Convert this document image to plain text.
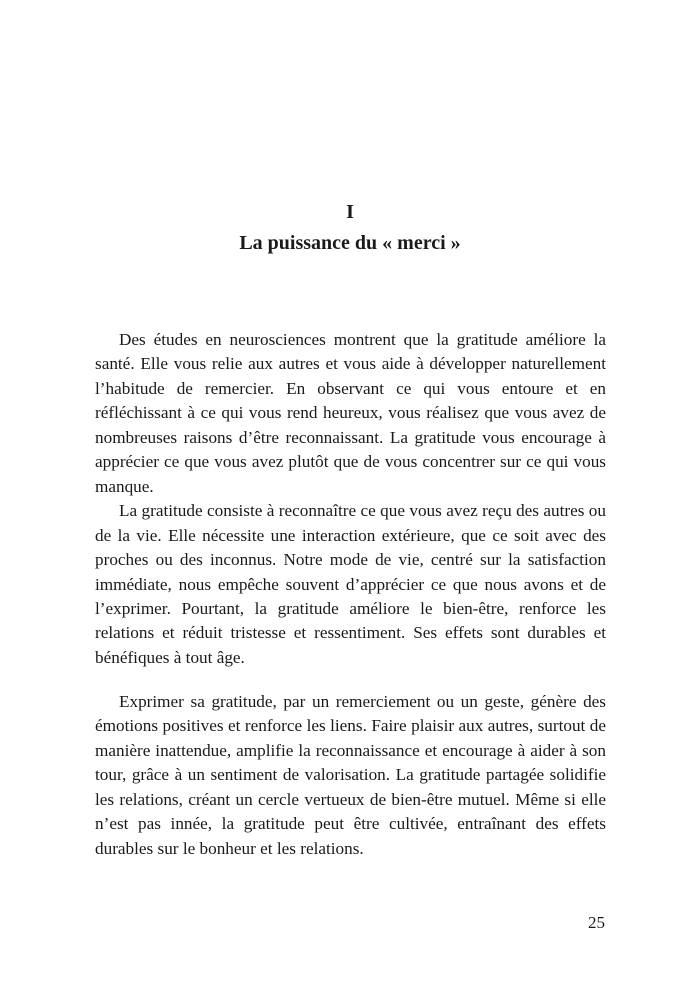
I
La puissance du « merci »

Des études en neurosciences montrent que la gratitude améliore la santé. Elle vous relie aux autres et vous aide à développer naturellement l’habitude de remercier. En observant ce qui vous entoure et en réfléchissant à ce qui vous rend heureux, vous réalisez que vous avez de nombreuses raisons d’être reconnaissant. La gratitude vous encourage à apprécier ce que vous avez plutôt que de vous concentrer sur ce qui vous manque.

La gratitude consiste à reconnaître ce que vous avez reçu des autres ou de la vie. Elle nécessite une interaction extérieure, que ce soit avec des proches ou des inconnus. Notre mode de vie, centré sur la satisfaction immédiate, nous empêche souvent d’apprécier ce que nous avons et de l’exprimer. Pourtant, la gratitude améliore le bien-être, renforce les relations et réduit tristesse et ressentiment. Ses effets sont durables et bénéfiques à tout âge.

Exprimer sa gratitude, par un remerciement ou un geste, génère des émotions positives et renforce les liens. Faire plaisir aux autres, surtout de manière inattendue, amplifie la reconnaissance et encourage à aider à son tour, grâce à un sentiment de valorisation. La gratitude partagée solidifie les relations, créant un cercle vertueux de bien-être mutuel. Même si elle n’est pas innée, la gratitude peut être cultivée, entraînant des effets durables sur le bonheur et les relations.

25
